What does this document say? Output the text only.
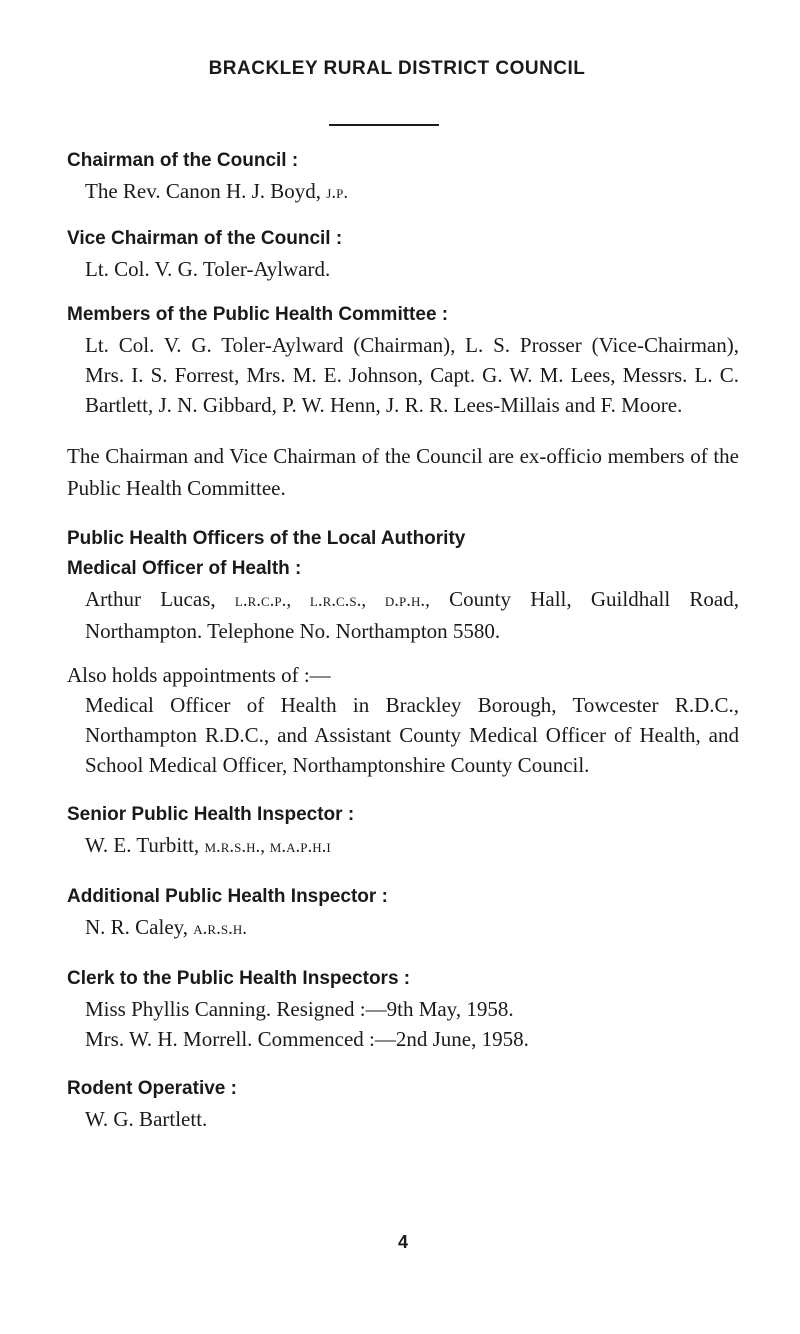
BRACKLEY RURAL DISTRICT COUNCIL

Chairman of the Council :

The Rev. Canon H. J. Boyd, j.p.

Vice Chairman of the Council :

Lt. Col. V. G. Toler-Aylward.

Members of the Public Health Committee :

Lt. Col. V. G. Toler-Aylward (Chairman), L. S. Prosser (Vice-Chairman), Mrs. I. S. Forrest, Mrs. M. E. Johnson, Capt. G. W. M. Lees, Messrs. L. C. Bartlett, J. N. Gibbard, P. W. Henn, J. R. R. Lees-Millais and F. Moore.

The Chairman and Vice Chairman of the Council are ex-officio members of the Public Health Committee.

Public Health Officers of the Local Authority

Medical Officer of Health :

Arthur Lucas, l.r.c.p., l.r.c.s., d.p.h., County Hall, Guildhall Road, Northampton. Telephone No. Northampton 5580.

Also holds appointments of :—

Medical Officer of Health in Brackley Borough, Towcester R.D.C., Northampton R.D.C., and Assistant County Medical Officer of Health, and School Medical Officer, Northamptonshire County Council.

Senior Public Health Inspector :

W. E. Turbitt, m.r.s.h., m.a.p.h.i

Additional Public Health Inspector :

N. R. Caley, a.r.s.h.

Clerk to the Public Health Inspectors :

Miss Phyllis Canning. Resigned :—9th May, 1958.

Mrs. W. H. Morrell. Commenced :—2nd June, 1958.

Rodent Operative :

W. G. Bartlett.

4
